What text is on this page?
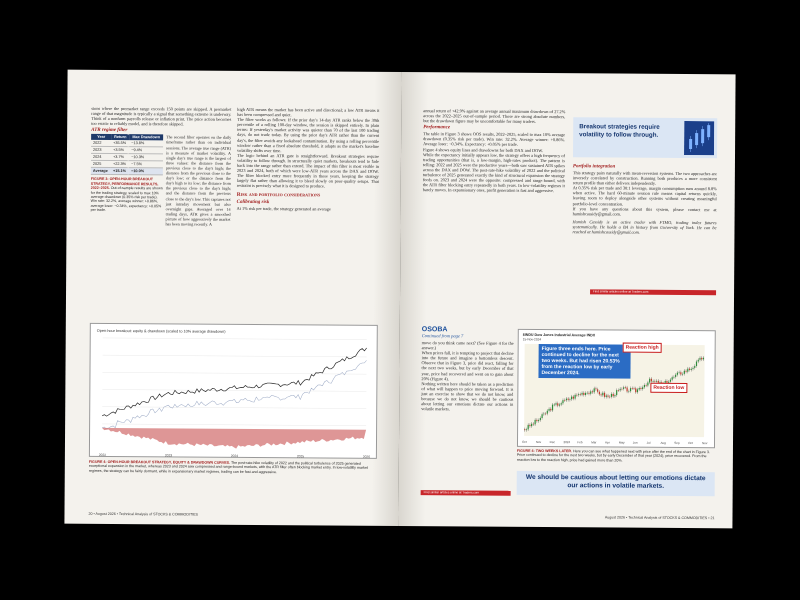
sions where the premarket range exceeds 150 points are skipped. A premarket range of that magnitude is typically a signal that something extreme is underway. Think of a nonfarm payrolls release or inflation print. The price action becomes too erratic to reliably model, and is therefore skipped.

ATR regime filter
Year	Return	Max Drawdown
2022	+35.5%	−13.8%
2023	+3.5%	−9.4%
2024	+3.7%	−10.3%
2025	+22.3%	−7.5%
Average	+15.1%	−10.0%
FIGURE 3: OPEN-HOUR BREAKOUT STRATEGY, PERFORMANCE RESULTS, 2022–2025. Out-of-sample results are shown for the trading strategy, scaled to max 10% average drawdown (0.35% risk per trade). Win rate: 32.2%, average winner: +0.86%, average loser: −0.34%, expectancy: +0.05% per trade.

The second filter operates on the daily timeframe rather than on individual sessions. The average true range (ATR) is a measure of market volatility. A single day's true range is the largest of three values: the distance from the previous close to the day's high; the distance from the previous close to the day's low; or the distance from the day's high to its low; the distance from the previous close to the day's high; and the distance from the previous close to the day's low. This captures not just intraday movement but also overnight gaps. Averaged over 14 trading days, ATR gives a smoothed picture of how aggressively the market has been moving recently. A

high ATR means the market has been active and directional; a low ATR means it has been compressed and quiet.
The filter works as follows: If the prior day's 14-day ATR ranks below the 30th percentile of a rolling 100-day window, the session is skipped entirely. In plain terms: If yesterday's market activity was quieter than 70 of the last 100 trading days, do not trade today. By using the prior day's ATR rather than the current day's, the filter avoids any lookahead contamination. By using a rolling percentile window rather than a fixed absolute threshold, it adapts as the market's baseline volatility shifts over time.
The logic behind an ATR gate is straightforward. Breakout strategies require volatility to follow through. In structurally quiet markets, breakouts tend to fade back into the range rather than extend. The impact of this filter is most visible in 2023 and 2024, both of which were low-ATR years across the DAX and DOW. The filter blocked entry more frequently in those years, keeping the strategy largely flat rather than allowing it to bleed slowly on poor-quality setups. That restraint is precisely what it is designed to produce.

Risk and portfolio considerations
Calibrating risk

At 1% risk per trade, the strategy generated an average

Open-hour breakout: equity & drawdown (scaled to 10% average drawdown)
2022	2023	2024	2025	2026
FIGURE 4: OPEN-HOUR BREAKOUT STRATEGY, EQUITY & DRAWDOWN CURVES. The post-rate-hike volatility of 2022 and the political turbulence of 2025 generated exceptional expansion in the market, whereas 2023 and 2024 saw compressed and range-bound markets, with the ATR filter often blocking market entry. In low-volatility market regimes, the strategy can be fairly dormant, while in expansionary market regimes, trading can be fast and aggressive.
20 • August 2026 • Technical Analysis of STOCKS & COMMODITIES

annual return of +42.9% against an average annual maximum drawdown of 27.2% across the 2022–2025 out-of-sample period. Those are strong absolute numbers, but the drawdown figure may be uncomfortable for many traders.

Performance

The table in Figure 3 shows OOS results, 2022–2025, scaled to max 10% average drawdown (0.35% risk per trade). Win rate: 32.2%. Average winner: +0.86%. Average loser: −0.34%. Expectancy: +0.05% per trade.
Figure 4 shows equity lines and drawdowns for both DAX and DOW.
While the expectancy initially appears low, the strategy offers a high frequency of trading opportunities (that is, a low-margin, high-rates product). The pattern is telling: 2022 and 2025 were the productive years—both saw sustained ATR spikes across the DAX and DOW. The post-rate-hike volatility of 2022 and the political turbulence of 2025 generated exactly the kind of structural expansion the strategy feeds on. 2023 and 2024 were the opposite: compressed and range-bound, with the ATR filter blocking entry repeatedly in both years. In low-volatility regimes it barely moves. In expansionary ones, profit generation is fast and aggressive.

Breakout strategies require volatility to follow through.
Portfolio integration

This strategy pairs naturally with mean-reversion systems. The two approaches are inversely correlated by construction. Running both produces a more consistent return profile than either delivers independently.
At 0.35% risk per trade and 30:1 leverage, margin consumption runs around 8.8% when active. The hard 60-minute session rule means capital returns quickly, leaving room to deploy alongside other systems without creating meaningful portfolio-level concentration.
If you have any questions about this system, please contact me at hamishcassidy@gmail.com.

Hamish Cassidy is an active trader with FTMO, trading index futures systematically. He holds a BA in history from University of York. He can be reached at hamishcassidy@gmail.com.

Find similar articles online at Traders.com
OSOBA
Continued from page 7

move do you think came next? (See Figure 4 for the answer.)
When prices fall, it is tempting to project that decline into the future and imagine a bottomless descent. Observe that in Figure 3, price did react, falling for the next two weeks, but by early December of that year, price had recovered and went on to gain about 20% (Figure 4).
Nothing written here should be taken as a prediction of what will happen to price moving forward. It is just an exercise to show that we do not know, and because we do not know, we should be cautious about letting our emotions dictate our actions in volatile markets.

Find similar articles online at Traders.com
$INDU Dow Jones Industrial Average INDX
15-Nov-2024
Oct	Nov	Dec	2024 Feb	Mar	Apr	May	Jun	Jul	Aug	Sep	Oct	Nov
Figure three ends here. Price continued to decline for the next two weeks. But had risen 20.53% from the reaction low by early December 2024.
Reaction high
Reaction low
FIGURE 4: TWO WEEKS LATER. Here you can see what happened next with price after the end of the chart in Figure 3. Price continued to decline for the next two weeks, but by early December of that year (2024), price recovered. From the reaction low to the reaction high, price had gained more than 20%.
We should be cautious about letting our emotions dictate our actions in volatile markets.
August 2026 • Technical Analysis of STOCKS & COMMODITIES • 21
